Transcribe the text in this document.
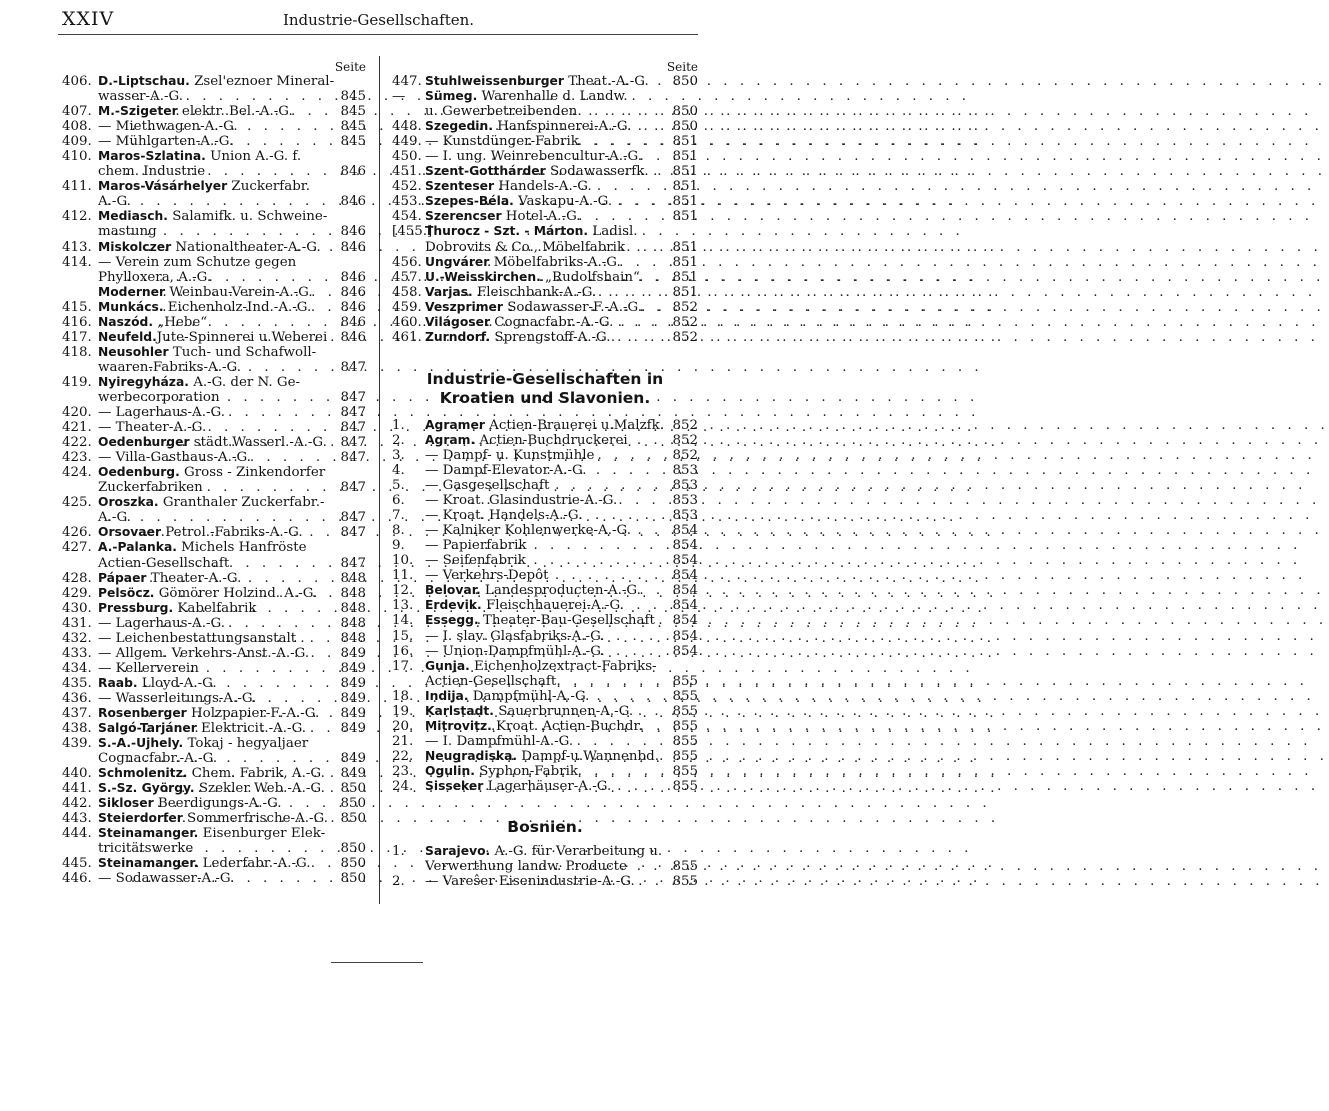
XXIV	Industrie-Gesellschaften.
Seite
406. D.-Liptschau. Zsel'eznoer Mineral-
wasser-A.-G. . . .	845
407. M.-Szigeter elektr. Bel.-A.-G. . . .	845
408. — Miethwagen-A.-G. . . .	845
409. — Mühlgarten-A.-G. . . .	845
410. Maros-Szlatina. Union A.-G. f.
chem. Industrie . . .	846
411. Maros-Vásárhelyer Zuckerfabr.
A.-G. . . .	846
412. Mediasch. Salamifk. u. Schweine-
mastung . . .	846
413. Miskolczer Nationaltheater-A.-G. . . .	846
414. — Verein zum Schutze gegen
Phylloxera, A.-G. . . .	846
Moderner Weinbau-Verein-A.-G. . . .	846
415. Munkács. Eichenholz-Ind.-A.-G. . . .	846
416. Naszód. „Hebe“ . . .	846
417. Neufeld.Jute-Spinnerei u.Weberei . . . 846
418. Neusohler Tuch- und Schafwoll-
waaren-Fabriks-A.-G. . . .	847
419. Nyiregyháza. A.-G. der N. Ge-
werbecorporation . . .	847
420. — Lagerhaus-A.-G. . . .	847
421. — Theater-A.-G. . . .	847
422. Oedenburger städt.Wasserl.-A.-G. . . .	847
423. — Villa-Gasthaus-A.-G. . . .	847
424. Oedenburg. Gross - Zinkendorfer
Zuckerfabriken . . .	847
425. Oroszka. Granthaler Zuckerfabr.-
A.-G. . . .	847
426. Orsovaer Petrol.-Fabriks-A.-G. . . .	847
427. A.-Palanka. Michels Hanfröste
Actien-Gesellschaft . . .	847
428. Pápaer Theater-A.-G. . . .	848
429. Pelsöcz. Gömörer Holzind. A.-G. . . .	848
430. Pressburg. Kabelfabrik . . .	848
431. — Lagerhaus-A.-G. . . .	848
432. — Leichenbestattungsanstalt . . . .	848
433. — Allgem. Verkehrs-Anst.-A.-G. . . .	849
434. — Kellerverein . . .	849
435. Raab. Lloyd-A.-G. . . .	849
436. — Wasserleitungs-A.-G. . . .	849
437. Rosenberger Holzpapier-F.-A.-G. . . .	849
438. Salgó-Tarjáner Elektricit.-A.-G. . . .	849
439. S.-A.-Ujhely. Tokaj - hegyaljaer
Cognacfabr.-A.-G. . . .	849
440. Schmolenitz. Chem. Fabrik, A.-G. . . .	849
441. S.-Sz. György. Szekler Web.-A.-G. . . .	850
442. Sikloser Beerdigungs-A.-G. . . .	850
443. Steierdorfer Sommerfrische-A.-G. . . . 850
444. Steinamanger. Eisenburger Elek-
tricitätswerke . . .	850
445. Steinamanger. Lederfabr.-A.-G. . . .	850
446. — Sodawasser-A.-G. . . .	850
Seite
447. Stuhlweissenburger Theat.-A.-G. . . .	850
—	Sümeg. Warenhalle d. Landw.
u. Gewerbetreibenden . . .	850
448. Szegedin. Hanfspinnerei-A.-G. . . .	850
449. — Kunstdünger-Fabrik . . .	851
450. — I. ung. Weinrebencultur-A.-G. . . .	851
451. Szent-Gotthárder Sodawasserfk. . . .	851
452. Szenteser Handels-A.-G. . . .	851
453. Szepes-Béla. Vaskapu-A.-G. . . .	851
454. Szerencser Hotel-A.-G. . . .	851
[455.]
Thurocz - Szt. - Márton. Ladisl.
Dobrovits & Co., Möbelfabrik . . .	851
456. Ungvárer Möbelfabriks-A.-G. . . .	851
457. U.-Weisskirchen. „Rudolfshain“ . . .	851
458. Varjas. Fleischbank-A.-G. . . .	851
459. Veszprimer Sodawasser-F.-A.-G. . . .	852
460. Világoser Cognacfabr.-A.-G. . . .	852
461. Zurndorf. Sprengstoff-A.-G. . . .	852
Industrie-Gesellschaften in
Kroatien und Slavonien.
1.	Agramer Actien-Brauerei u.Malzfk. . . . 852
2.	Agram. Actien-Buchdruckerei . . .	852
3.	— Dampf- u. Kunstmühle . . .	852
4.	— Dampf-Elevator-A.-G. . . .	853
5.	— Gasgesellschaft . . .	853
6.	— Kroat. Glasindustrie-A.-G. . . .	853
7.	— Kroat. Handels-A.-G. . . .	853
8.	— Kalniker Kohlenwerke-A.-G. . . .	854
9.	— Papierfabrik . . .	854
10. — Seifenfabrik . . .	854
11. — Verkehrs-Depôt . . .	854
12. Belovar. Landesproducten-A.-G. . . .	854
13. Erdevik. Fleischhauerei-A.-G. . . .	854
14. Essegg. Theater-Bau-Gesellschaft . . .	854
15. — I. slav. Glasfabriks-A.-G. . . .	854
16. — Union-Dampfmühl-A.-G. . . .	854
17. Gunja. Eichenholzextract-Fabriks-
Actien-Gesellschaft . . .	855
18. Indija. Dampfmühl-A.-G. . . .	855
19. Karlstadt. Sauerbrunnen-A.-G. . . .	855
20. Mitrovitz. Kroat. Actien-Buchdr. . . .	855
21. — I. Dampfmühl-A.-G. . . .	855
22. Neugradiska. Dampf-u.Wannenbd. . . .	855
23. Ogulin. Syphon-Fabrik . . .	855
24. Sisseker Lagerhäuser-A.-G. . . .	855
Bosnien.
1.	Sarajevo. A.-G. für Verarbeitung u.
Verwerthung landw. Producte . . .	855
2.	— Vareŝer Eisenindustrie-A.-G. . . .	855
